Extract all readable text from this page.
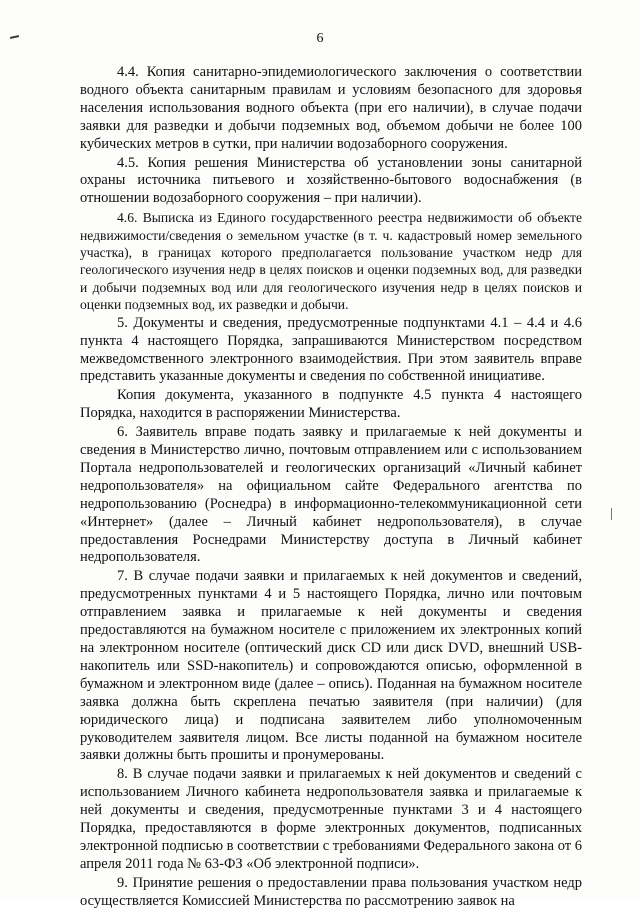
6

4.4. Копия санитарно-эпидемиологического заключения о соответствии водного объекта санитарным правилам и условиям безопасного для здоровья населения использования водного объекта (при его наличии), в случае подачи заявки для разведки и добычи подземных вод, объемом добычи не более 100 кубических метров в сутки, при наличии водозаборного сооружения.

4.5. Копия решения Министерства об установлении зоны санитарной охраны источника питьевого и хозяйственно-бытового водоснабжения (в отношении водозаборного сооружения – при наличии).

4.6. Выписка из Единого государственного реестра недвижимости об объекте недвижимости/сведения о земельном участке (в т. ч. кадастровый номер земельного участка), в границах которого предполагается пользование участком недр для геологического изучения недр в целях поисков и оценки подземных вод, для разведки и добычи подземных вод или для геологического изучения недр в целях поисков и оценки подземных вод, их разведки и добычи.

5. Документы и сведения, предусмотренные подпунктами 4.1 – 4.4 и 4.6 пункта 4 настоящего Порядка, запрашиваются Министерством посредством межведомственного электронного взаимодействия. При этом заявитель вправе представить указанные документы и сведения по собственной инициативе.

Копия документа, указанного в подпункте 4.5 пункта 4 настоящего Порядка, находится в распоряжении Министерства.

6. Заявитель вправе подать заявку и прилагаемые к ней документы и сведения в Министерство лично, почтовым отправлением или с использованием Портала недропользователей и геологических организаций «Личный кабинет недропользователя» на официальном сайте Федерального агентства по недропользованию (Роснедра) в информационно-телекоммуникационной сети «Интернет» (далее – Личный кабинет недропользователя), в случае предоставления Роснедрами Министерству доступа в Личный кабинет недропользователя.

7. В случае подачи заявки и прилагаемых к ней документов и сведений, предусмотренных пунктами 4 и 5 настоящего Порядка, лично или почтовым отправлением заявка и прилагаемые к ней документы и сведения предоставляются на бумажном носителе с приложением их электронных копий на электронном носителе (оптический диск CD или диск DVD, внешний USB-накопитель или SSD-накопитель) и сопровождаются описью, оформленной в бумажном и электронном виде (далее – опись). Поданная на бумажном носителе заявка должна быть скреплена печатью заявителя (при наличии) (для юридического лица) и подписана заявителем либо уполномоченным руководителем заявителя лицом. Все листы поданной на бумажном носителе заявки должны быть прошиты и пронумерованы.

8. В случае подачи заявки и прилагаемых к ней документов и сведений с использованием Личного кабинета недропользователя заявка и прилагаемые к ней документы и сведения, предусмотренные пунктами 3 и 4 настоящего Порядка, предоставляются в форме электронных документов, подписанных электронной подписью в соответствии с требованиями Федерального закона от 6 апреля 2011 года № 63-ФЗ «Об электронной подписи».

9. Принятие решения о предоставлении права пользования участком недр осуществляется Комиссией Министерства по рассмотрению заявок на
